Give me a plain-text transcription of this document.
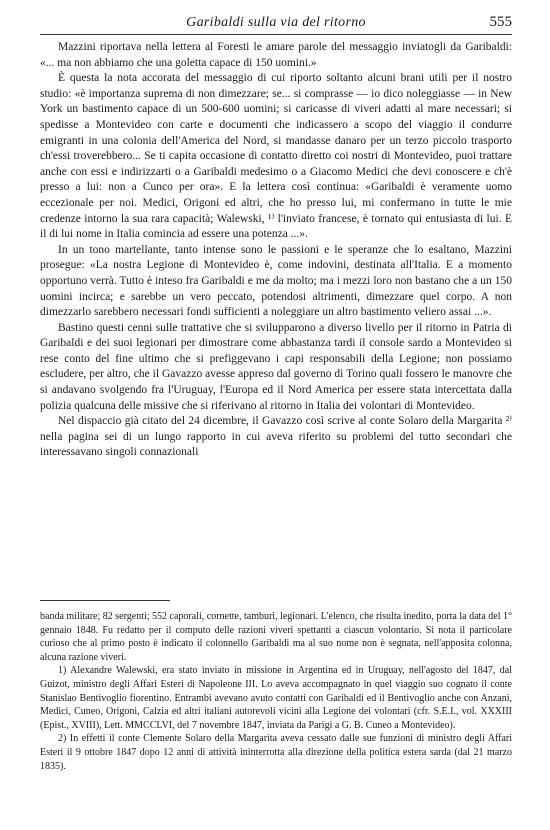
Garibaldi sulla via del ritorno	555

Mazzini riportava nella lettera al Foresti le amare parole del messaggio inviatogli da Garibaldi: «... ma non abbiamo che una goletta capace di 150 uomini.»

È questa la nota accorata del messaggio di cui riporto soltanto alcuni brani utili per il nostro studio: «è importanza suprema di non dimezzare; se... si comprasse — io dico noleggiasse — in New York un bastimento capace di un 500-600 uomini; si caricasse di viveri adatti al mare necessari; si spedisse a Montevideo con carte e documenti che indicassero a scopo del viaggio il condurre emigranti in una colonia dell'America del Nord, si mandasse danaro per un terzo piccolo trasporto ch'essi troverebbero... Se ti capita occasione di contatto diretto coi nostri di Montevideo, puoi trattare anche con essi e indirizzarti o a Garibaldi medesimo o a Giacomo Medici che devi conoscere e ch'è presso a lui: non a Cunco per ora». E la lettera così continua: «Garibaldi è veramente uomo eccezionale per noi. Medici, Origoni ed altri, che ho presso lui, mi confermano in tutte le mie credenze intorno la sua rara capacità; Walewski, ¹⁾ l'inviato francese, è tornato qui entusiasta di lui. E il di lui nome in Italia comincia ad essere una potenza ...».

In un tono martellante, tanto intense sono le passioni e le speranze che lo esaltano, Mazzini prosegue: «La nostra Legione di Montevideo è, come indovini, destinata all'Italia. E a momento opportuno verrà. Tutto è inteso fra Garibaldi e me da molto; ma i mezzi loro non bastano che a un 150 uomini incirca; e sarebbe un vero peccato, potendosi altrimenti, dimezzare quel corpo. A non dimezzarlo sarebbero necessari fondi sufficienti a noleggiare un altro bastimento veliero assai ...».

Bastino questi cenni sulle trattative che si svilupparono a diverso livello per il ritorno in Patria di Garibaldi e dei suoi legionari per dimostrare come abbastanza tardi il console sardo a Montevideo si rese conto del fine ultimo che si prefiggevano i capi responsabili della Legione; non possiamo escludere, per altro, che il Gavazzo avesse appreso dal governo di Torino quali fossero le manovre che si andavano svolgendo fra l'Uruguay, l'Europa ed il Nord America per essere stata intercettata dalla polizia qualcuna delle missive che si riferivano al ritorno in Italia dei volontari di Montevideo.

Nel dispaccio già citato del 24 dicembre, il Gavazzo così scrive al conte Solaro della Margarita ²⁾ nella pagina sei di un lungo rapporto in cui aveva riferito su problemi del tutto secondari che interessavano singoli connazionali

banda militare; 82 sergenti; 552 caporali, cornette, tamburi, legionari. L'elenco, che risulta inedito, porta la data del 1° gennaio 1848. Fu redatto per il computo delle razioni viveri spettanti a ciascun volontario. Si nota il particolare curioso che al primo posto è indicato il colonnello Garibaldi ma al suo nome non è segnata, nell'apposita colonna, alcuna razione viveri.

1) Alexandre Walewski, era stato inviato in missione in Argentina ed in Uruguay, nell'agosto del 1847, dal Guizot, ministro degli Affari Esteri di Napoleone III. Lo aveva accompagnato in quel viaggio suo cognato il conte Stanislao Bentivoglio fiorentino. Entrambi avevano avuto contatti con Garibaldi ed il Bentivoglio anche con Anzani, Medici, Cuneo, Origoni, Calzia ed altri italiani autorevoli vicini alla Legione dei volontari (cfr. S.E.I., vol. XXXIII (Epist., XVIII), Lett. MMCCLVI, del 7 novembre 1847, inviata da Parigi a G. B. Cuneo a Montevideo).

2) In effetti il conte Clemente Solaro della Margarita aveva cessato dalle sue funzioni di ministro degli Affari Esteri il 9 ottobre 1847 dopo 12 anni di attività ininterrotta alla direzione della politica estera sarda (dal 21 marzo 1835).
